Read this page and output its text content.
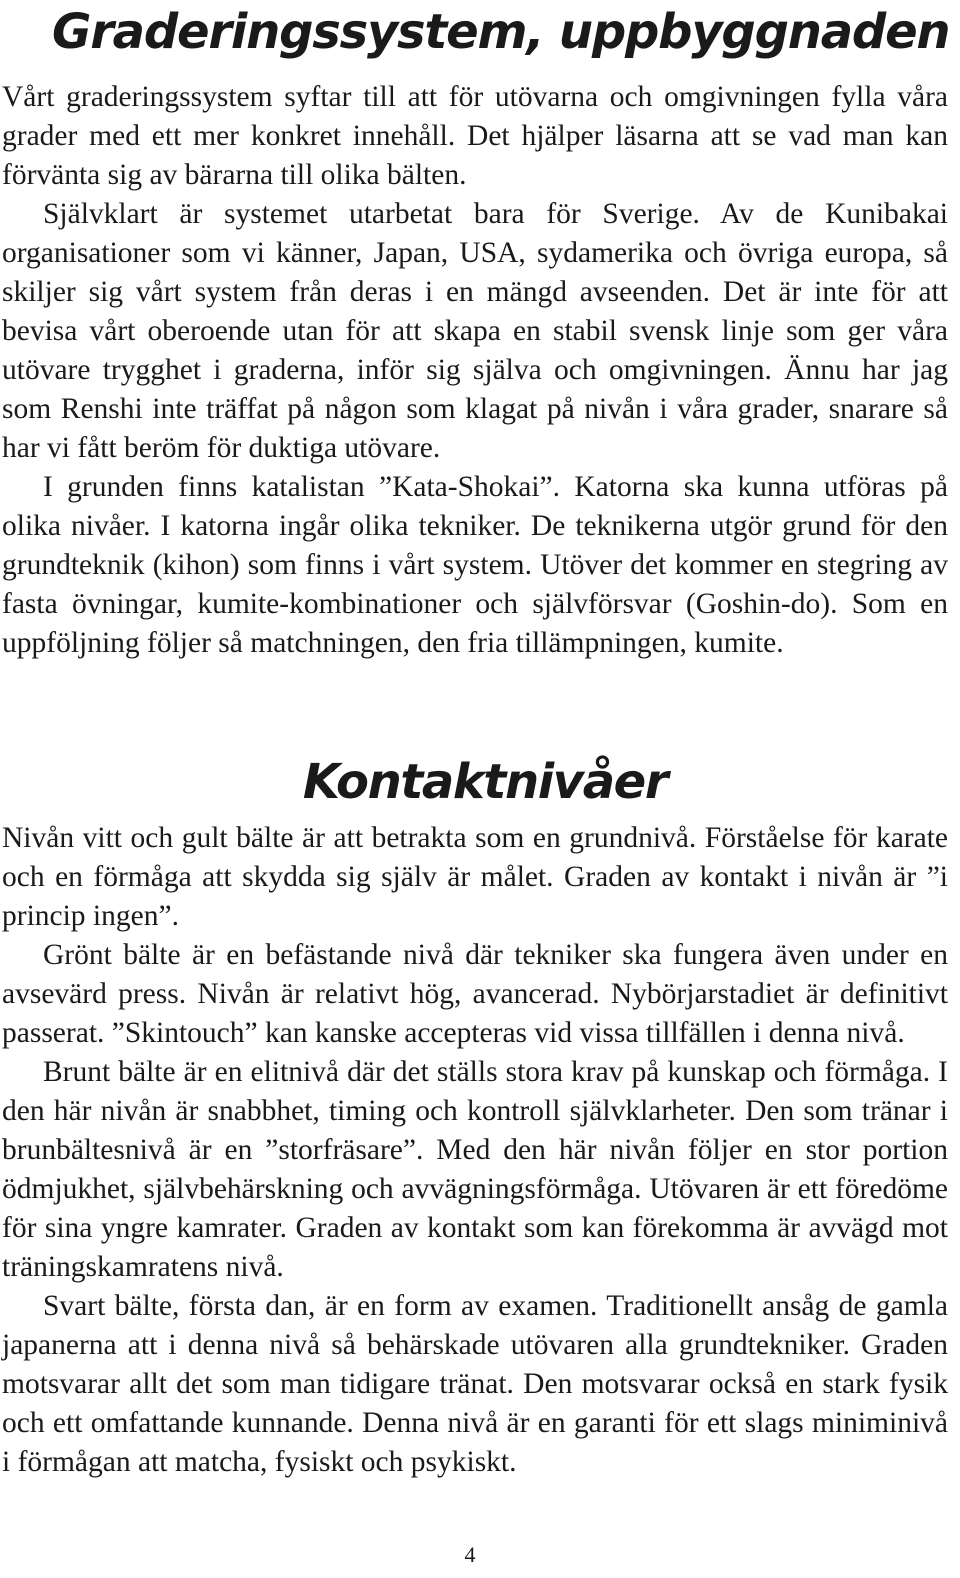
Graderingssystem, uppbyggnaden

Vårt graderingssystem syftar till att för utövarna och omgivningen fylla våra grader med ett mer konkret innehåll. Det hjälper läsarna att se vad man kan förvänta sig av bärarna till olika bälten.

Självklart är systemet utarbetat bara för Sverige. Av de Kunibakai organisationer som vi känner, Japan, USA, sydamerika och övriga europa, så skiljer sig vårt system från deras i en mängd avseenden. Det är inte för att bevisa vårt oberoende utan för att skapa en stabil svensk linje som ger våra utövare trygghet i graderna, inför sig själva och omgivningen. Ännu har jag som Renshi inte träffat på någon som klagat på nivån i våra grader, snarare så har vi fått beröm för duktiga utövare.

I grunden finns katalistan ”Kata-Shokai”. Katorna ska kunna utföras på olika nivåer. I katorna ingår olika tekniker. De teknikerna utgör grund för den grundteknik (kihon) som finns i vårt system. Utöver det kommer en stegring av fasta övningar, kumite-kombinationer och självförsvar (Goshin-do). Som en uppföljning följer så matchningen, den fria tillämpningen, kumite.

Kontaktnivåer

Nivån vitt och gult bälte är att betrakta som en grundnivå. Förståelse för karate och en förmåga att skydda sig själv är målet. Graden av kontakt i nivån är ”i princip ingen”.

Grönt bälte är en befästande nivå där tekniker ska fungera även under en avsevärd press. Nivån är relativt hög, avancerad. Nybörjarstadiet är definitivt passerat. ”Skintouch” kan kanske accepteras vid vissa tillfällen i denna nivå.

Brunt bälte är en elitnivå där det ställs stora krav på kunskap och förmåga. I den här nivån är snabbhet, timing och kontroll självklarheter. Den som tränar i brunbältesnivå är en ”storfräsare”. Med den här nivån följer en stor portion ödmjukhet, självbehärskning och avvägningsförmåga. Utövaren är ett föredöme för sina yngre kamrater. Graden av kontakt som kan förekomma är avvägd mot träningskamratens nivå.

Svart bälte, första dan, är en form av examen. Traditionellt ansåg de gamla japanerna att i denna nivå så behärskade utövaren alla grundtekniker. Graden motsvarar allt det som man tidigare tränat. Den motsvarar också en stark fysik och ett omfattande kunnande. Denna nivå är en garanti för ett slags miniminivå i förmågan att matcha, fysiskt och psykiskt.

4
